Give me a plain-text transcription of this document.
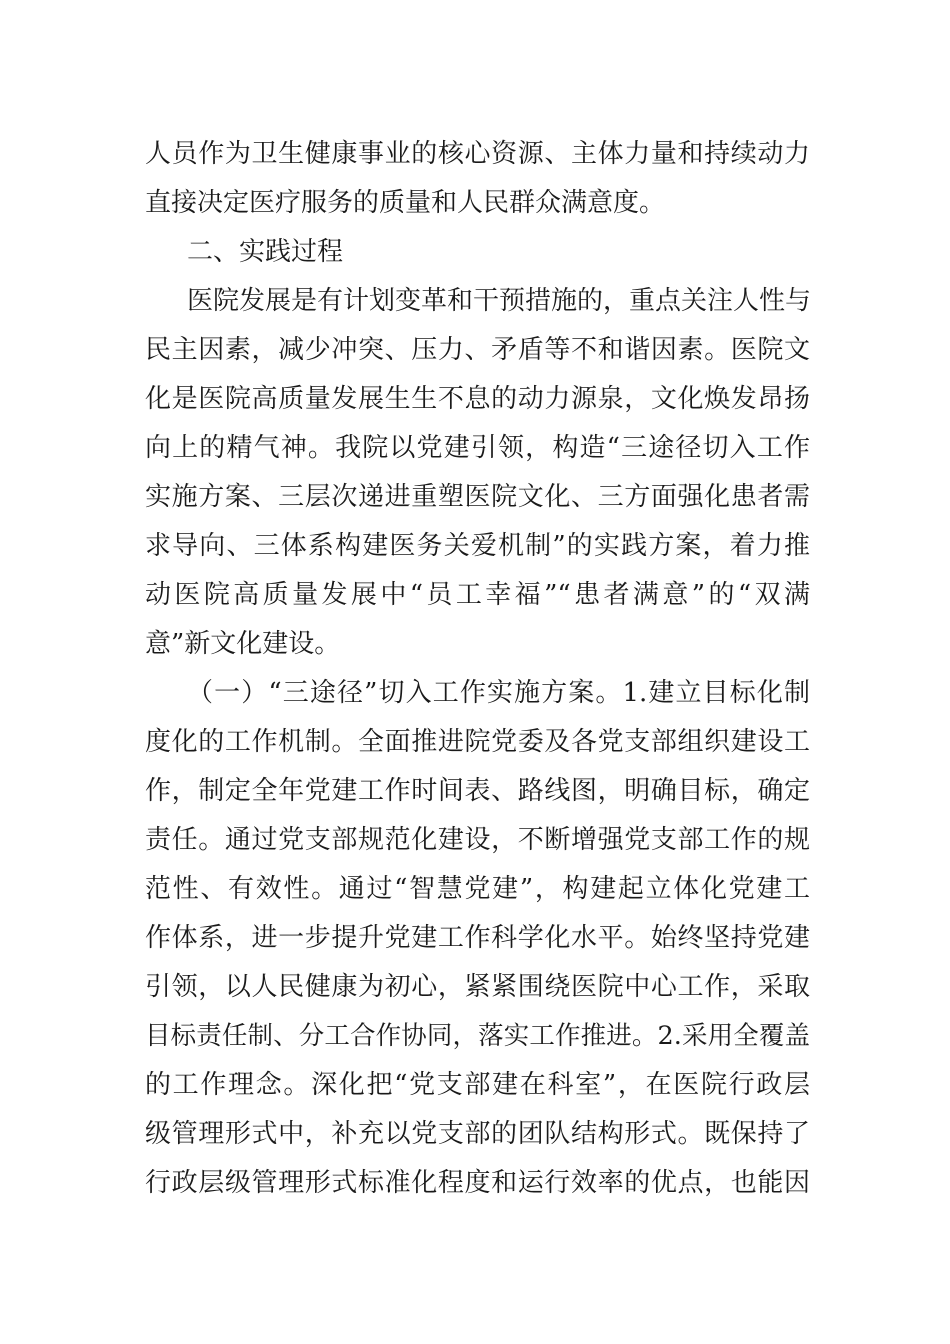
人员作为卫生健康事业的核心资源、主体力量和持续动力
直接决定医疗服务的质量和人民群众满意度。
二、实践过程
医院发展是有计划变革和干预措施的，重点关注人性与
民主因素，减少冲突、压力、矛盾等不和谐因素。医院文
化是医院高质量发展生生不息的动力源泉，文化焕发昂扬
向上的精气神。我院以党建引领，构造“三途径切入工作
实施方案、三层次递进重塑医院文化、三方面强化患者需
求导向、三体系构建医务关爱机制”的实践方案，着力推
动医院高质量发展中“员工幸福”“患者满意”的“双满
意”新文化建设。
（一）“三途径”切入工作实施方案。1.建立目标化制
度化的工作机制。全面推进院党委及各党支部组织建设工
作，制定全年党建工作时间表、路线图，明确目标，确定
责任。通过党支部规范化建设，不断增强党支部工作的规
范性、有效性。通过“智慧党建”，构建起立体化党建工
作体系，进一步提升党建工作科学化水平。始终坚持党建
引领，以人民健康为初心，紧紧围绕医院中心工作，采取
目标责任制、分工合作协同，落实工作推进。2.采用全覆盖
的工作理念。深化把“党支部建在科室”，在医院行政层
级管理形式中，补充以党支部的团队结构形式。既保持了
行政层级管理形式标准化程度和运行效率的优点，也能因
